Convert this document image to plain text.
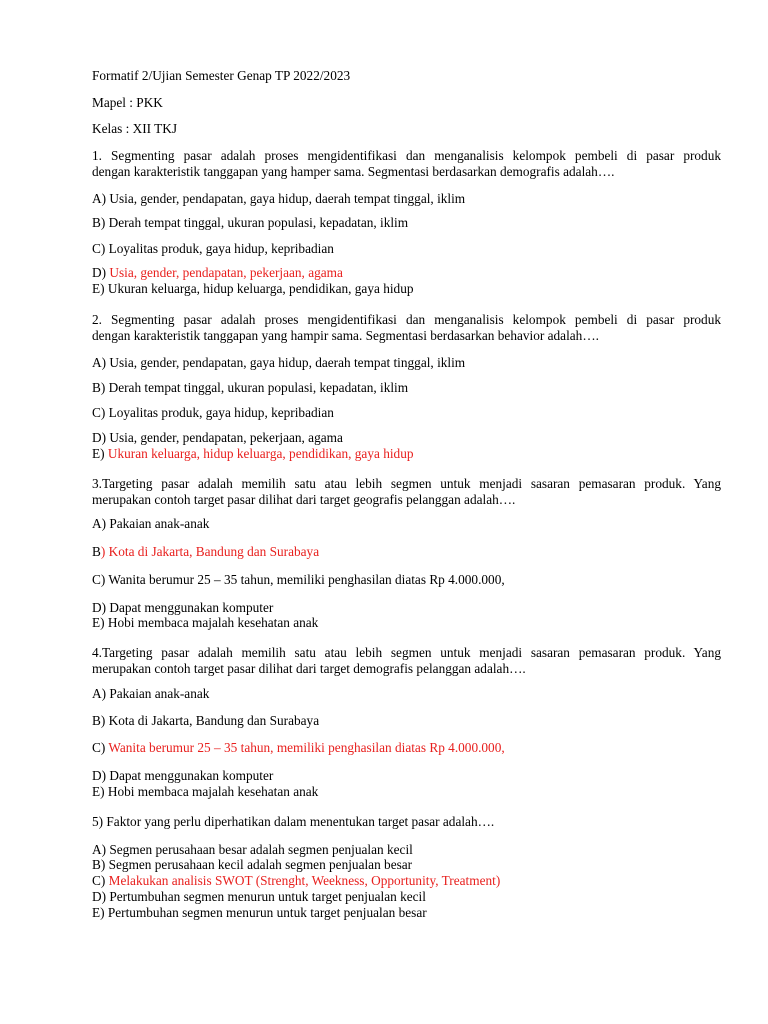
Formatif 2/Ujian Semester Genap TP 2022/2023

Mapel : PKK

Kelas : XII TKJ

1. Segmenting pasar adalah proses mengidentifikasi dan menganalisis kelompok pembeli di pasar produk
dengan karakteristik tanggapan yang hamper sama. Segmentasi berdasarkan demografis adalah….

A) Usia, gender, pendapatan, gaya hidup, daerah tempat tinggal, iklim

B) Derah tempat tinggal, ukuran populasi, kepadatan, iklim

C) Loyalitas produk, gaya hidup, kepribadian

D) Usia, gender, pendapatan, pekerjaan, agama

E) Ukuran keluarga, hidup keluarga, pendidikan, gaya hidup

2. Segmenting pasar adalah proses mengidentifikasi dan menganalisis kelompok pembeli di pasar produk
dengan karakteristik tanggapan yang hampir sama. Segmentasi berdasarkan behavior adalah….

A) Usia, gender, pendapatan, gaya hidup, daerah tempat tinggal, iklim

B) Derah tempat tinggal, ukuran populasi, kepadatan, iklim

C) Loyalitas produk, gaya hidup, kepribadian

D) Usia, gender, pendapatan, pekerjaan, agama

E) Ukuran keluarga, hidup keluarga, pendidikan, gaya hidup

3.Targeting pasar adalah memilih satu atau lebih segmen untuk menjadi sasaran pemasaran produk. Yang
merupakan contoh target pasar dilihat dari target geografis pelanggan adalah….

A) Pakaian anak-anak

B) Kota di Jakarta, Bandung dan Surabaya

C) Wanita berumur 25 – 35 tahun, memiliki penghasilan diatas Rp 4.000.000,

D) Dapat menggunakan komputer

E) Hobi membaca majalah kesehatan anak

4.Targeting pasar adalah memilih satu atau lebih segmen untuk menjadi sasaran pemasaran produk. Yang
merupakan contoh target pasar dilihat dari target demografis pelanggan adalah….

A) Pakaian anak-anak

B) Kota di Jakarta, Bandung dan Surabaya

C) Wanita berumur 25 – 35 tahun, memiliki penghasilan diatas Rp 4.000.000,

D) Dapat menggunakan komputer

E) Hobi membaca majalah kesehatan anak

5) Faktor yang perlu diperhatikan dalam menentukan target pasar adalah….

A) Segmen perusahaan besar adalah segmen penjualan kecil

B) Segmen perusahaan kecil adalah segmen penjualan besar

C) Melakukan analisis SWOT (Strenght, Weekness, Opportunity, Treatment)

D) Pertumbuhan segmen menurun untuk target penjualan kecil

E) Pertumbuhan segmen menurun untuk target penjualan besar
